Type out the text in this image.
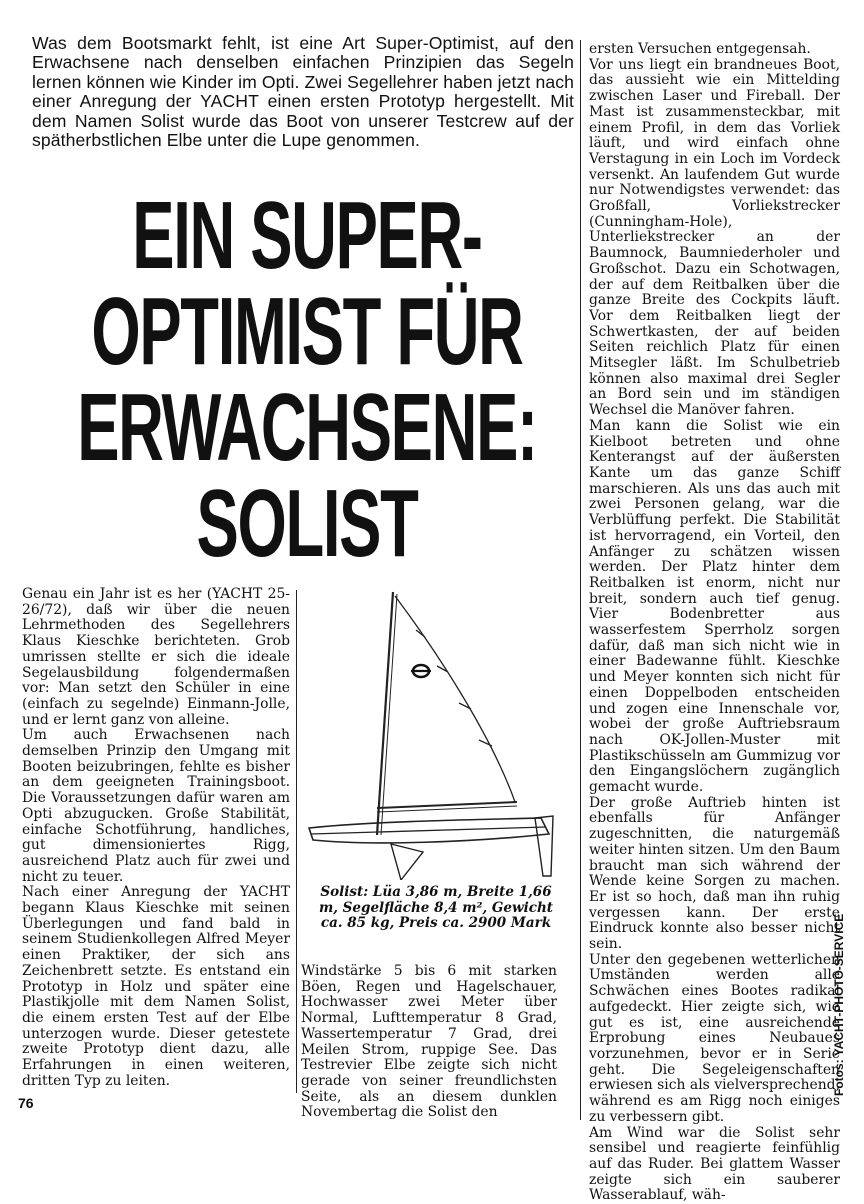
Was dem Bootsmarkt fehlt, ist eine Art Super-Optimist, auf den Erwachsene nach denselben einfachen Prinzipien das Segeln lernen können wie Kinder im Opti. Zwei Segellehrer haben jetzt nach einer Anregung der YACHT einen ersten Prototyp hergestellt. Mit dem Namen Solist wurde das Boot von unserer Testcrew auf der spätherbstlichen Elbe unter die Lupe genommen.
EIN SUPER-
OPTIMIST FÜR
ERWACHSENE:
SOLIST
Genau ein Jahr ist es her (YACHT 25-26/72), daß wir über die neuen Lehrmethoden des Segellehrers Klaus Kieschke berichteten. Grob umrissen stellte er sich die ideale Segelausbildung folgendermaßen vor: Man setzt den Schüler in eine (einfach zu segelnde) Einmann-Jolle, und er lernt ganz von alleine.
Um auch Erwachsenen nach demselben Prinzip den Umgang mit Booten beizubringen, fehlte es bisher an dem geeigneten Trainingsboot. Die Voraussetzungen dafür waren am Opti abzugucken. Große Stabilität, einfache Schotführung, handliches, gut dimensioniertes Rigg, ausreichend Platz auch für zwei und nicht zu teuer.
Nach einer Anregung der YACHT begann Klaus Kieschke mit seinen Überlegungen und fand bald in seinem Studienkollegen Alfred Meyer einen Praktiker, der sich ans Zeichenbrett setzte. Es entstand ein Prototyp in Holz und später eine Plastikjolle mit dem Namen Solist, die einem ersten Test auf der Elbe unterzogen wurde. Dieser getestete zweite Prototyp dient dazu, alle Erfahrungen in einen weiteren, dritten Typ zu leiten.
Solist: Lüa 3,86 m, Breite 1,66 m, Segelfläche 8,4 m², Gewicht ca. 85 kg, Preis ca. 2900 Mark
Windstärke 5 bis 6 mit starken Böen, Regen und Hagelschauer, Hochwasser zwei Meter über Normal, Lufttemperatur 8 Grad, Wassertemperatur 7 Grad, drei Meilen Strom, ruppige See. Das Testrevier Elbe zeigte sich nicht gerade von seiner freundlichsten Seite, als an diesem dunklen Novembertag die Solist den
ersten Versuchen entgegensah.
Vor uns liegt ein brandneues Boot, das aussieht wie ein Mittelding zwischen Laser und Fireball. Der Mast ist zusammensteckbar, mit einem Profil, in dem das Vorliek läuft, und wird einfach ohne Verstagung in ein Loch im Vordeck versenkt. An laufendem Gut wurde nur Notwendigstes verwendet: das Großfall, Vorliekstrecker (Cunningham-Hole), Unterliekstrecker an der Baumnock, Baumniederholer und Großschot. Dazu ein Schotwagen, der auf dem Reitbalken über die ganze Breite des Cockpits läuft. Vor dem Reitbalken liegt der Schwertkasten, der auf beiden Seiten reichlich Platz für einen Mitsegler läßt. Im Schulbetrieb können also maximal drei Segler an Bord sein und im ständigen Wechsel die Manöver fahren.
Man kann die Solist wie ein Kielboot betreten und ohne Kenterangst auf der äußersten Kante um das ganze Schiff marschieren. Als uns das auch mit zwei Personen gelang, war die Verblüffung perfekt. Die Stabilität ist hervorragend, ein Vorteil, den Anfänger zu schätzen wissen werden. Der Platz hinter dem Reitbalken ist enorm, nicht nur breit, sondern auch tief genug. Vier Bodenbretter aus wasserfestem Sperrholz sorgen dafür, daß man sich nicht wie in einer Badewanne fühlt. Kieschke und Meyer konnten sich nicht für einen Doppelboden entscheiden und zogen eine Innenschale vor, wobei der große Auftriebsraum nach OK-Jollen-Muster mit Plastikschüsseln am Gummizug vor den Eingangslöchern zugänglich gemacht wurde.
Der große Auftrieb hinten ist ebenfalls für Anfänger zugeschnitten, die naturgemäß weiter hinten sitzen. Um den Baum braucht man sich während der Wende keine Sorgen zu machen. Er ist so hoch, daß man ihn ruhig vergessen kann. Der erste Eindruck konnte also besser nicht sein.
Unter den gegebenen wetterlichen Umständen werden alle Schwächen eines Bootes radikal aufgedeckt. Hier zeigte sich, wie gut es ist, eine ausreichende Erprobung eines Neubaues vorzunehmen, bevor er in Serie geht. Die Segeleigenschaften erwiesen sich als vielversprechend, während es am Rigg noch einiges zu verbessern gibt.
Am Wind war die Solist sehr sensibel und reagierte feinfühlig auf das Ruder. Bei glattem Wasser zeigte sich ein sauberer Wasserablauf, wäh-
76
Fotos: YACHT-PHOTO-SERVICE
